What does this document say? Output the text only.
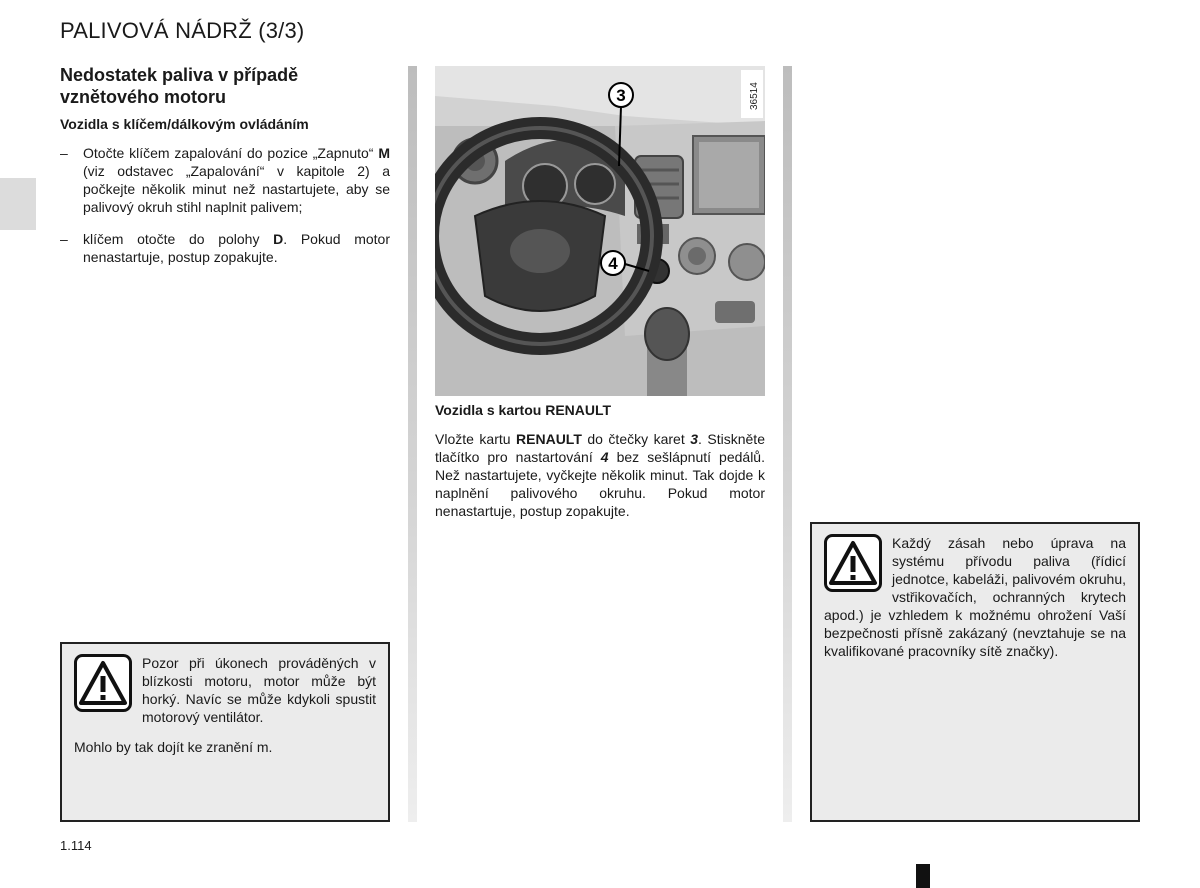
PALIVOVÁ NÁDRŽ (3/3)
Nedostatek paliva v případě
vznětového motoru
Vozidla s klíčem/dálkovým ovládáním
–	Otočte klíčem zapalování do pozice „Zapnuto“ M (viz odstavec „Zapalování“ v kapitole 2) a počkejte několik minut než nastartujete, aby se palivový okruh stihl naplnit palivem;
–	klíčem otočte do polohy D. Pokud motor nenastartuje, postup zopakujte.
3
4
36514
Vozidla s kartou RENAULT
Vložte kartu RENAULT do čtečky karet 3. Stiskněte tlačítko pro nastartování 4 bez sešlápnutí pedálů. Než nastartujete, vyčkejte několik minut. Tak dojde k naplnění palivového okruhu. Pokud motor nenastartuje, postup zopakujte.
Pozor při úkonech prováděných v blízkosti motoru, motor může být horký. Navíc se může kdykoli spustit motorový ventilátor.
Mohlo by tak dojít ke zranění m.
Každý zásah nebo úprava na systému přívodu paliva (řídicí jednotce, kabeláži, palivovém okruhu, vstřikovačích, ochranných krytech apod.) je vzhledem k možnému ohrožení Vaší bezpečnosti přísně zakázaný (nevztahuje se na kvalifikované pracovníky sítě značky).
1.114
